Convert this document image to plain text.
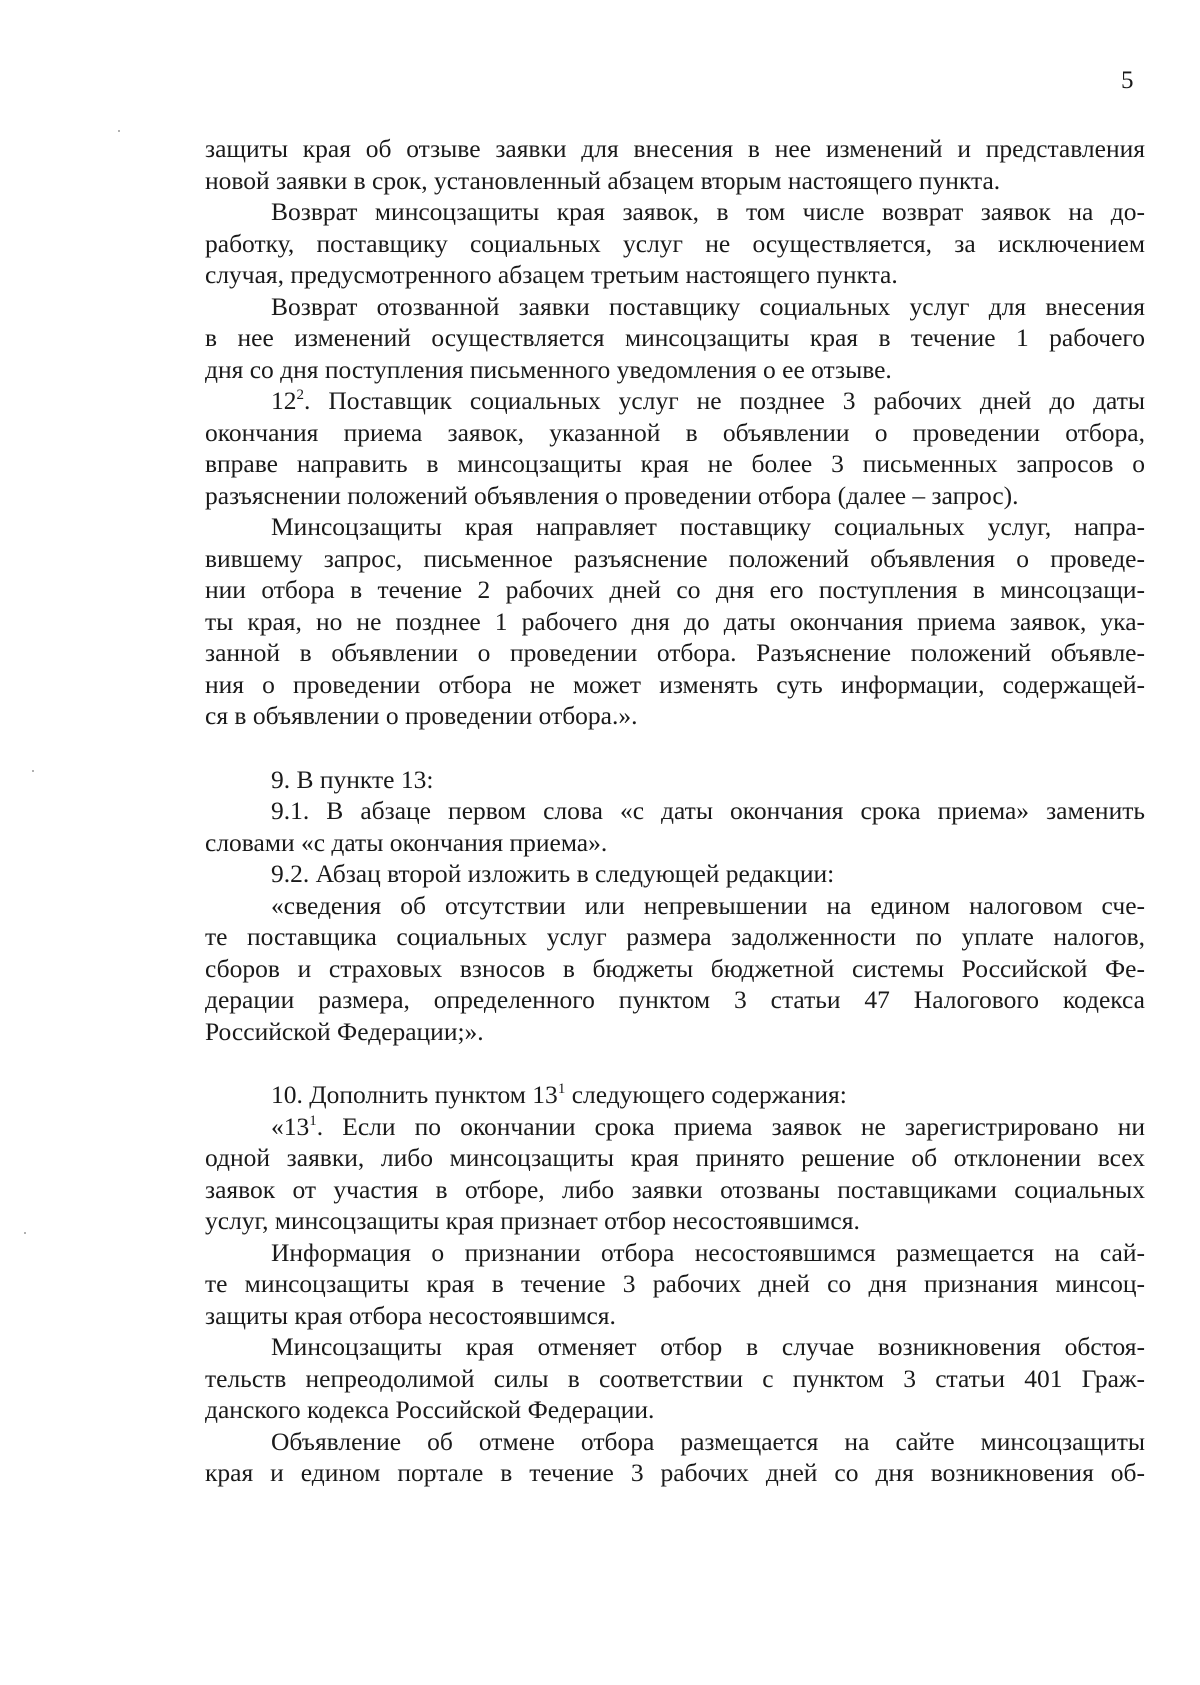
5

защиты края об отзыве заявки для внесения в нее изменений и представления

новой заявки в срок, установленный абзацем вторым настоящего пункта.

Возврат минсоцзащиты края заявок, в том числе возврат заявок на до-

работку, поставщику социальных услуг не осуществляется, за исключением

случая, предусмотренного абзацем третьим настоящего пункта.

Возврат отозванной заявки поставщику социальных услуг для внесения

в нее изменений осуществляется минсоцзащиты края в течение 1 рабочего

дня со дня поступления письменного уведомления о ее отзыве.

$12^2$. Поставщик социальных услуг не позднее 3 рабочих дней до даты

окончания приема заявок, указанной в объявлении о проведении отбора,

вправе направить в минсоцзащиты края не более 3 письменных запросов о

разъяснении положений объявления о проведении отбора (далее – запрос).

Минсоцзащиты края направляет поставщику социальных услуг, напра-

вившему запрос, письменное разъяснение положений объявления о проведе-

нии отбора в течение 2 рабочих дней со дня его поступления в минсоцзащи-

ты края, но не позднее 1 рабочего дня до даты окончания приема заявок, ука-

занной в объявлении о проведении отбора. Разъяснение положений объявле-

ния о проведении отбора не может изменять суть информации, содержащей-

ся в объявлении о проведении отбора.».

9. В пункте 13:

9.1. В абзаце первом слова «с даты окончания срока приема» заменить

словами «с даты окончания приема».

9.2. Абзац второй изложить в следующей редакции:

«сведения об отсутствии или непревышении на едином налоговом сче-

те поставщика социальных услуг размера задолженности по уплате налогов,

сборов и страховых взносов в бюджеты бюджетной системы Российской Фе-

дерации размера, определенного пунктом 3 статьи 47 Налогового кодекса

Российской Федерации;».

10. Дополнить пунктом $13^1$ следующего содержания:

«$13^1$. Если по окончании срока приема заявок не зарегистрировано ни

одной заявки, либо минсоцзащиты края принято решение об отклонении всех

заявок от участия в отборе, либо заявки отозваны поставщиками социальных

услуг, минсоцзащиты края признает отбор несостоявшимся.

Информация о признании отбора несостоявшимся размещается на сай-

те минсоцзащиты края в течение 3 рабочих дней со дня признания минсоц-

защиты края отбора несостоявшимся.

Минсоцзащиты края отменяет отбор в случае возникновения обстоя-

тельств непреодолимой силы в соответствии с пунктом 3 статьи 401 Граж-

данского кодекса Российской Федерации.

Объявление об отмене отбора размещается на сайте минсоцзащиты

края и едином портале в течение 3 рабочих дней со дня возникновения об-
